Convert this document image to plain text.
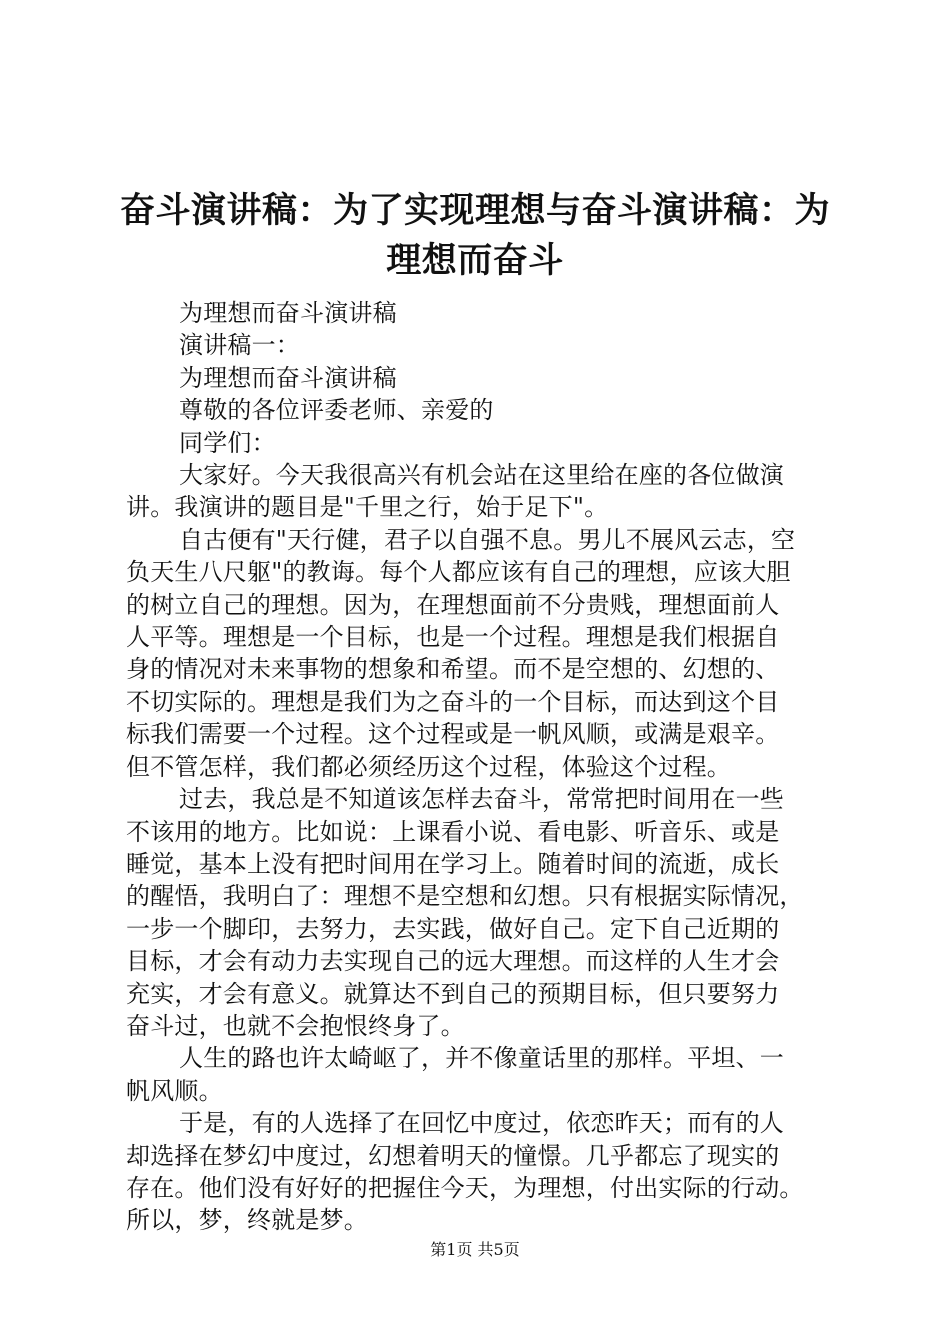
奋斗演讲稿：为了实现理想与奋斗演讲稿：为
理想而奋斗

为理想而奋斗演讲稿

演讲稿一：

为理想而奋斗演讲稿

尊敬的各位评委老师、亲爱的

同学们：

大家好。今天我很高兴有机会站在这里给在座的各位做演

讲。我演讲的题目是"千里之行，始于足下"。

自古便有"天行健，君子以自强不息。男儿不展风云志，空

负天生八尺躯"的教诲。每个人都应该有自己的理想，应该大胆

的树立自己的理想。因为，在理想面前不分贵贱，理想面前人

人平等。理想是一个目标，也是一个过程。理想是我们根据自

身的情况对未来事物的想象和希望。而不是空想的、幻想的、

不切实际的。理想是我们为之奋斗的一个目标，而达到这个目

标我们需要一个过程。这个过程或是一帆风顺，或满是艰辛。

但不管怎样，我们都必须经历这个过程，体验这个过程。

过去，我总是不知道该怎样去奋斗，常常把时间用在一些

不该用的地方。比如说：上课看小说、看电影、听音乐、或是

睡觉，基本上没有把时间用在学习上。随着时间的流逝，成长

的醒悟，我明白了：理想不是空想和幻想。只有根据实际情况，

一步一个脚印，去努力，去实践，做好自己。定下自己近期的

目标，才会有动力去实现自己的远大理想。而这样的人生才会

充实，才会有意义。就算达不到自己的预期目标，但只要努力

奋斗过，也就不会抱恨终身了。

人生的路也许太崎岖了，并不像童话里的那样。平坦、一

帆风顺。

于是，有的人选择了在回忆中度过，依恋昨天；而有的人

却选择在梦幻中度过，幻想着明天的憧憬。几乎都忘了现实的

存在。他们没有好好的把握住今天，为理想，付出实际的行动。

所以，梦，终就是梦。

第1页 共5页
